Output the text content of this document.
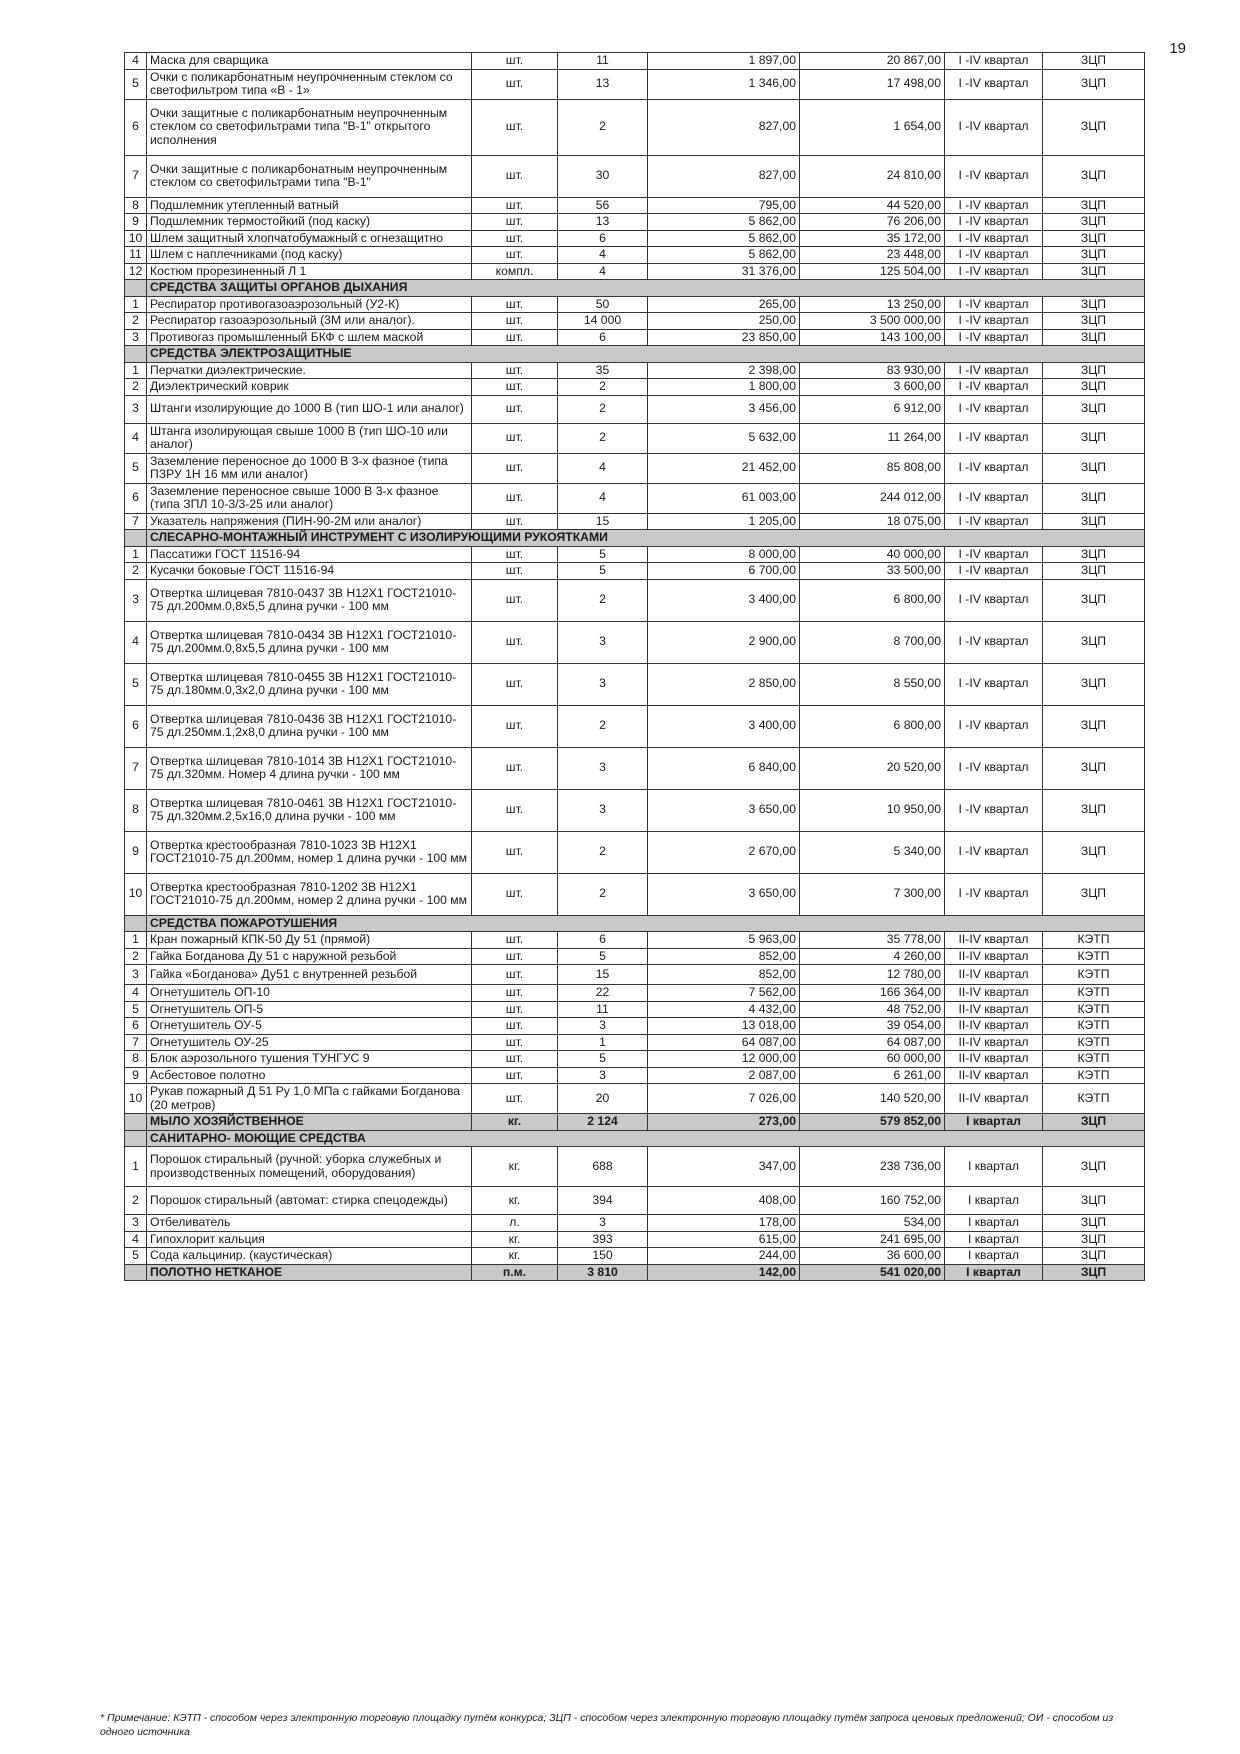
19
4	Маска для сварщика	шт.	11	1 897,00	20 867,00	I -IV квартал	ЗЦП
5	Очки с поликарбонатным неупрочненным стеклом со светофильтром типа «В - 1»	шт.	13	1 346,00	17 498,00	I -IV квартал	ЗЦП
6	Очки защитные с поликарбонатным неупрочненным стеклом со светофильтрами типа "В-1" открытого исполнения	шт.	2	827,00	1 654,00	I -IV квартал	ЗЦП
7	Очки защитные с поликарбонатным неупрочненным стеклом со светофильтрами типа "В-1"	шт.	30	827,00	24 810,00	I -IV квартал	ЗЦП
8	Подшлемник утепленный ватный	шт.	56	795,00	44 520,00	I -IV квартал	ЗЦП
9	Подшлемник термостойкий (под каску)	шт.	13	5 862,00	76 206,00	I -IV квартал	ЗЦП
10	Шлем защитный хлопчатобумажный с огнезащитно	шт.	6	5 862,00	35 172,00	I -IV квартал	ЗЦП
11	Шлем с наплечниками (под каску)	шт.	4	5 862,00	23 448,00	I -IV квартал	ЗЦП
12	Костюм прорезиненный Л 1	компл.	4	31 376,00	125 504,00	I -IV квартал	ЗЦП
	СРЕДСТВА ЗАЩИТЫ ОРГАНОВ ДЫХАНИЯ						
1	Респиратор противогазоаэрозольный (У2-К)	шт.	50	265,00	13 250,00	I -IV квартал	ЗЦП
2	Респиратор газоаэрозольный (3М или аналог).	шт.	14 000	250,00	3 500 000,00	I -IV квартал	ЗЦП
3	Противогаз промышленный БКФ с шлем маской	шт.	6	23 850,00	143 100,00	I -IV квартал	ЗЦП
	СРЕДСТВА ЭЛЕКТРОЗАЩИТНЫЕ						
1	Перчатки диэлектрические.	шт.	35	2 398,00	83 930,00	I -IV квартал	ЗЦП
2	Диэлектрический коврик	шт.	2	1 800,00	3 600,00	I -IV квартал	ЗЦП
3	Штанги изолирующие до 1000 В (тип ШО-1 или аналог)	шт.	2	3 456,00	6 912,00	I -IV квартал	ЗЦП
4	Штанга изолирующая свыше 1000 В (тип ШО-10 или аналог)	шт.	2	5 632,00	11 264,00	I -IV квартал	ЗЦП
5	Заземление переносное до 1000 В 3-х фазное (типа ПЗРУ 1Н 16 мм или аналог)	шт.	4	21 452,00	85 808,00	I -IV квартал	ЗЦП
6	Заземление переносное свыше 1000 В 3-х фазное (типа ЗПЛ 10-3/3-25 или аналог)	шт.	4	61 003,00	244 012,00	I -IV квартал	ЗЦП
7	Указатель напряжения (ПИН-90-2М или аналог)	шт.	15	1 205,00	18 075,00	I -IV квартал	ЗЦП
	СЛЕСАРНО-МОНТАЖНЫЙ ИНСТРУМЕНТ С ИЗОЛИРУЮЩИМИ РУКОЯТКАМИ						
1	Пассатижи ГОСТ 11516-94	шт.	5	8 000,00	40 000,00	I -IV квартал	ЗЦП
2	Кусачки боковые ГОСТ 11516-94	шт.	5	6 700,00	33 500,00	I -IV квартал	ЗЦП
3	Отвертка шлицевая 7810-0437 3В Н12Х1 ГОСТ21010-75 дл.200мм.0,8х5,5 длина ручки - 100 мм	шт.	2	3 400,00	6 800,00	I -IV квартал	ЗЦП
4	Отвертка шлицевая 7810-0434 3В Н12Х1 ГОСТ21010-75 дл.200мм.0,8х5,5 длина ручки - 100 мм	шт.	3	2 900,00	8 700,00	I -IV квартал	ЗЦП
5	Отвертка шлицевая 7810-0455 3В Н12Х1 ГОСТ21010-75 дл.180мм.0,3х2,0 длина ручки - 100 мм	шт.	3	2 850,00	8 550,00	I -IV квартал	ЗЦП
6	Отвертка шлицевая 7810-0436 3В Н12Х1 ГОСТ21010-75 дл.250мм.1,2х8,0 длина ручки - 100 мм	шт.	2	3 400,00	6 800,00	I -IV квартал	ЗЦП
7	Отвертка шлицевая 7810-1014 3В Н12Х1 ГОСТ21010-75 дл.320мм. Номер 4 длина ручки - 100 мм	шт.	3	6 840,00	20 520,00	I -IV квартал	ЗЦП
8	Отвертка шлицевая 7810-0461 3В Н12Х1 ГОСТ21010-75 дл.320мм.2,5х16,0 длина ручки - 100 мм	шт.	3	3 650,00	10 950,00	I -IV квартал	ЗЦП
9	Отвертка крестообразная 7810-1023 3В Н12Х1 ГОСТ21010-75 дл.200мм, номер 1 длина ручки - 100 мм	шт.	2	2 670,00	5 340,00	I -IV квартал	ЗЦП
10	Отвертка крестообразная 7810-1202 3В Н12Х1 ГОСТ21010-75 дл.200мм, номер 2 длина ручки - 100 мм	шт.	2	3 650,00	7 300,00	I -IV квартал	ЗЦП
	СРЕДСТВА ПОЖАРОТУШЕНИЯ						
1	Кран пожарный КПК-50 Ду 51 (прямой)	шт.	6	5 963,00	35 778,00	II-IV квартал	КЭТП
2	Гайка Богданова Ду 51 с наружной резьбой	шт.	5	852,00	4 260,00	II-IV квартал	КЭТП
3	Гайка «Богданова» Ду51 с внутренней резьбой	шт.	15	852,00	12 780,00	II-IV квартал	КЭТП
4	Огнетушитель ОП-10	шт.	22	7 562,00	166 364,00	II-IV квартал	КЭТП
5	Огнетушитель ОП-5	шт.	11	4 432,00	48 752,00	II-IV квартал	КЭТП
6	Огнетушитель ОУ-5	шт.	3	13 018,00	39 054,00	II-IV квартал	КЭТП
7	Огнетушитель ОУ-25	шт.	1	64 087,00	64 087,00	II-IV квартал	КЭТП
8	Блок аэрозольного тушения ТУНГУС 9	шт.	5	12 000,00	60 000,00	II-IV квартал	КЭТП
9	Асбестовое полотно	шт.	3	2 087,00	6 261,00	II-IV квартал	КЭТП
10	Рукав пожарный Д 51 Ру 1,0 МПа с гайками Богданова (20 метров)	шт.	20	7 026,00	140 520,00	II-IV квартал	КЭТП
	МЫЛО ХОЗЯЙСТВЕННОЕ	кг.	2 124	273,00	579 852,00	I квартал	ЗЦП
	САНИТАРНО- МОЮЩИЕ СРЕДСТВА						
1	Порошок стиральный (ручной: уборка служебных и производственных помещений, оборудования)	кг.	688	347,00	238 736,00	I квартал	ЗЦП
2	Порошок стиральный (автомат: стирка спецодежды)	кг.	394	408,00	160 752,00	I квартал	ЗЦП
3	Отбеливатель	л.	3	178,00	534,00	I квартал	ЗЦП
4	Гипохлорит кальция	кг.	393	615,00	241 695,00	I квартал	ЗЦП
5	Сода кальцинир. (каустическая)	кг.	150	244,00	36 600,00	I квартал	ЗЦП
	ПОЛОТНО НЕТКАНОЕ	п.м.	3 810	142,00	541 020,00	I квартал	ЗЦП
* Примечание: КЭТП - способом через электронную торговую площадку путём конкурса; ЗЦП - способом через электронную торговую площадку путём запроса ценовых предложений; ОИ - способом из одного источника
